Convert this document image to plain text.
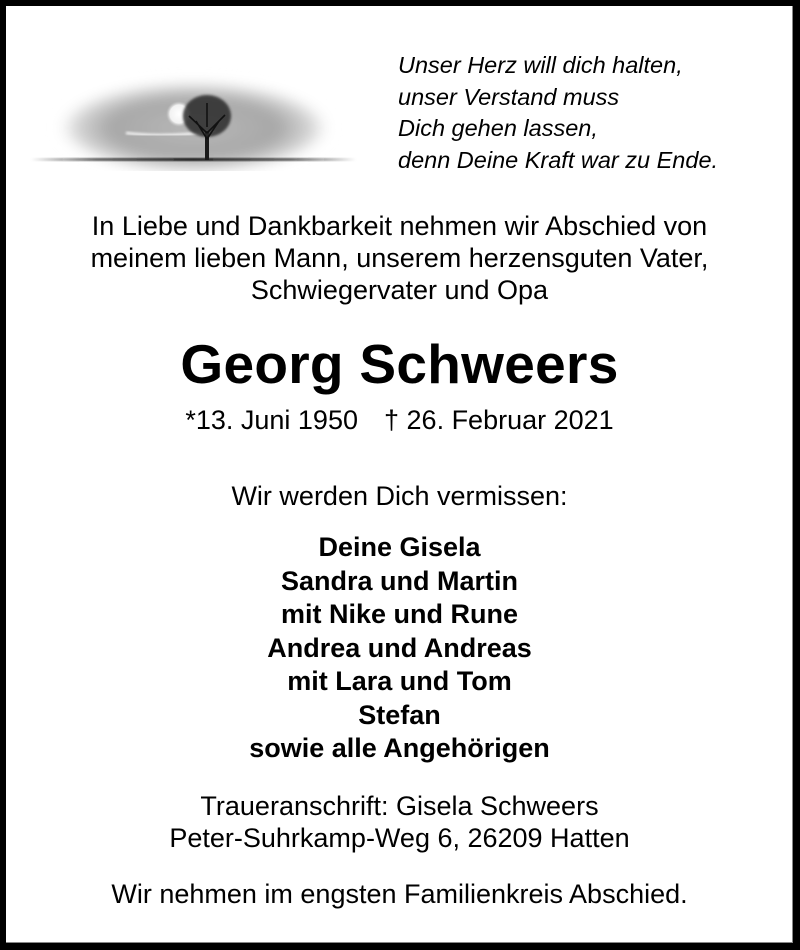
Unser Herz will dich halten,
unser Verstand muss
Dich gehen lassen,
denn Deine Kraft war zu Ende.
In Liebe und Dankbarkeit nehmen wir Abschied von
meinem lieben Mann, unserem herzensguten Vater,
Schwiegervater und Opa
Georg Schweers
*13. Juni 1950 † 26. Februar 2021
Wir werden Dich vermissen:
Deine Gisela
Sandra und Martin
mit Nike und Rune
Andrea und Andreas
mit Lara und Tom
Stefan
sowie alle Angehörigen
Traueranschrift: Gisela Schweers
Peter-Suhrkamp-Weg 6, 26209 Hatten
Wir nehmen im engsten Familienkreis Abschied.
